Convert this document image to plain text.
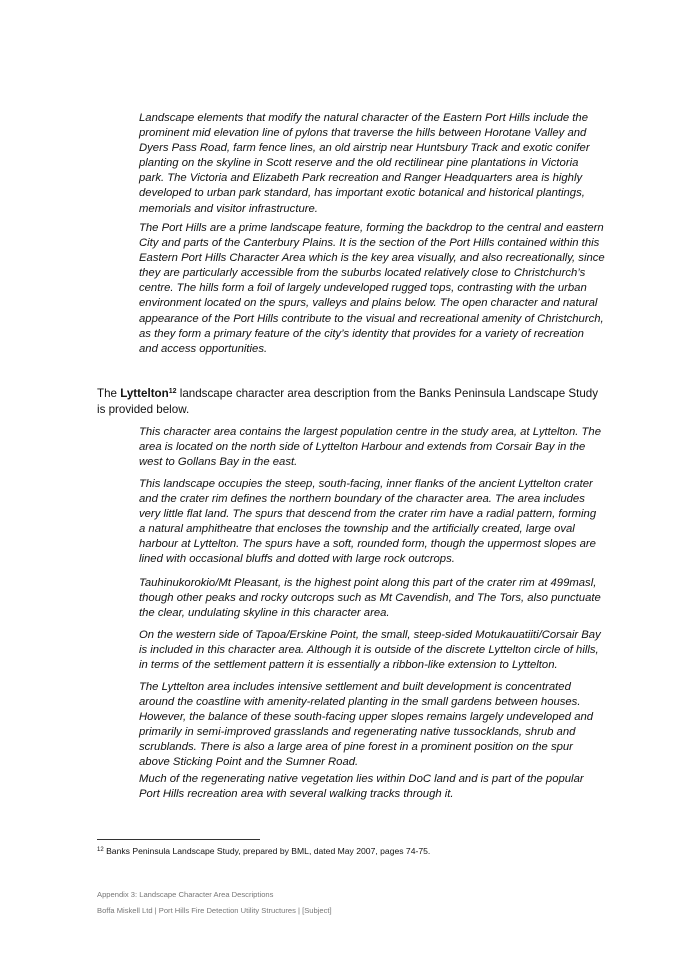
Landscape elements that modify the natural character of the Eastern Port Hills include the prominent mid elevation line of pylons that traverse the hills between Horotane Valley and Dyers Pass Road, farm fence lines, an old airstrip near Huntsbury Track and exotic conifer planting on the skyline in Scott reserve and the old rectilinear pine plantations in Victoria park. The Victoria and Elizabeth Park recreation and Ranger Headquarters area is highly developed to urban park standard, has important exotic botanical and historical plantings, memorials and visitor infrastructure.

The Port Hills are a prime landscape feature, forming the backdrop to the central and eastern City and parts of the Canterbury Plains. It is the section of the Port Hills contained within this Eastern Port Hills Character Area which is the key area visually, and also recreationally, since they are particularly accessible from the suburbs located relatively close to Christchurch’s centre. The hills form a foil of largely undeveloped rugged tops, contrasting with the urban environment located on the spurs, valleys and plains below. The open character and natural appearance of the Port Hills contribute to the visual and recreational amenity of Christchurch, as they form a primary feature of the city’s identity that provides for a variety of recreation and access opportunities.

The Lyttelton$^{12}$ landscape character area description from the Banks Peninsula Landscape Study is provided below.

This character area contains the largest population centre in the study area, at Lyttelton. The area is located on the north side of Lyttelton Harbour and extends from Corsair Bay in the west to Gollans Bay in the east.

This landscape occupies the steep, south-facing, inner flanks of the ancient Lyttelton crater and the crater rim defines the northern boundary of the character area. The area includes very little flat land. The spurs that descend from the crater rim have a radial pattern, forming a natural amphitheatre that encloses the township and the artificially created, large oval harbour at Lyttelton. The spurs have a soft, rounded form, though the uppermost slopes are lined with occasional bluffs and dotted with large rock outcrops.

Tauhinukorokio/Mt Pleasant, is the highest point along this part of the crater rim at 499masl, though other peaks and rocky outcrops such as Mt Cavendish, and The Tors, also punctuate the clear, undulating skyline in this character area.

On the western side of Tapoa/Erskine Point, the small, steep-sided Motukauatiiti/Corsair Bay is included in this character area. Although it is outside of the discrete Lyttelton circle of hills, in terms of the settlement pattern it is essentially a ribbon-like extension to Lyttelton.

The Lyttelton area includes intensive settlement and built development is concentrated around the coastline with amenity-related planting in the small gardens between houses. However, the balance of these south-facing upper slopes remains largely undeveloped and primarily in semi-improved grasslands and regenerating native tussocklands, shrub and scrublands. There is also a large area of pine forest in a prominent position on the spur above Sticking Point and the Sumner Road.

Much of the regenerating native vegetation lies within DoC land and is part of the popular Port Hills recreation area with several walking tracks through it.

$^{12}$ Banks Peninsula Landscape Study, prepared by BML, dated May 2007, pages 74-75.

Appendix 3: Landscape Character Area Descriptions

Boffa Miskell Ltd | Port Hills Fire Detection Utility Structures | [Subject]
